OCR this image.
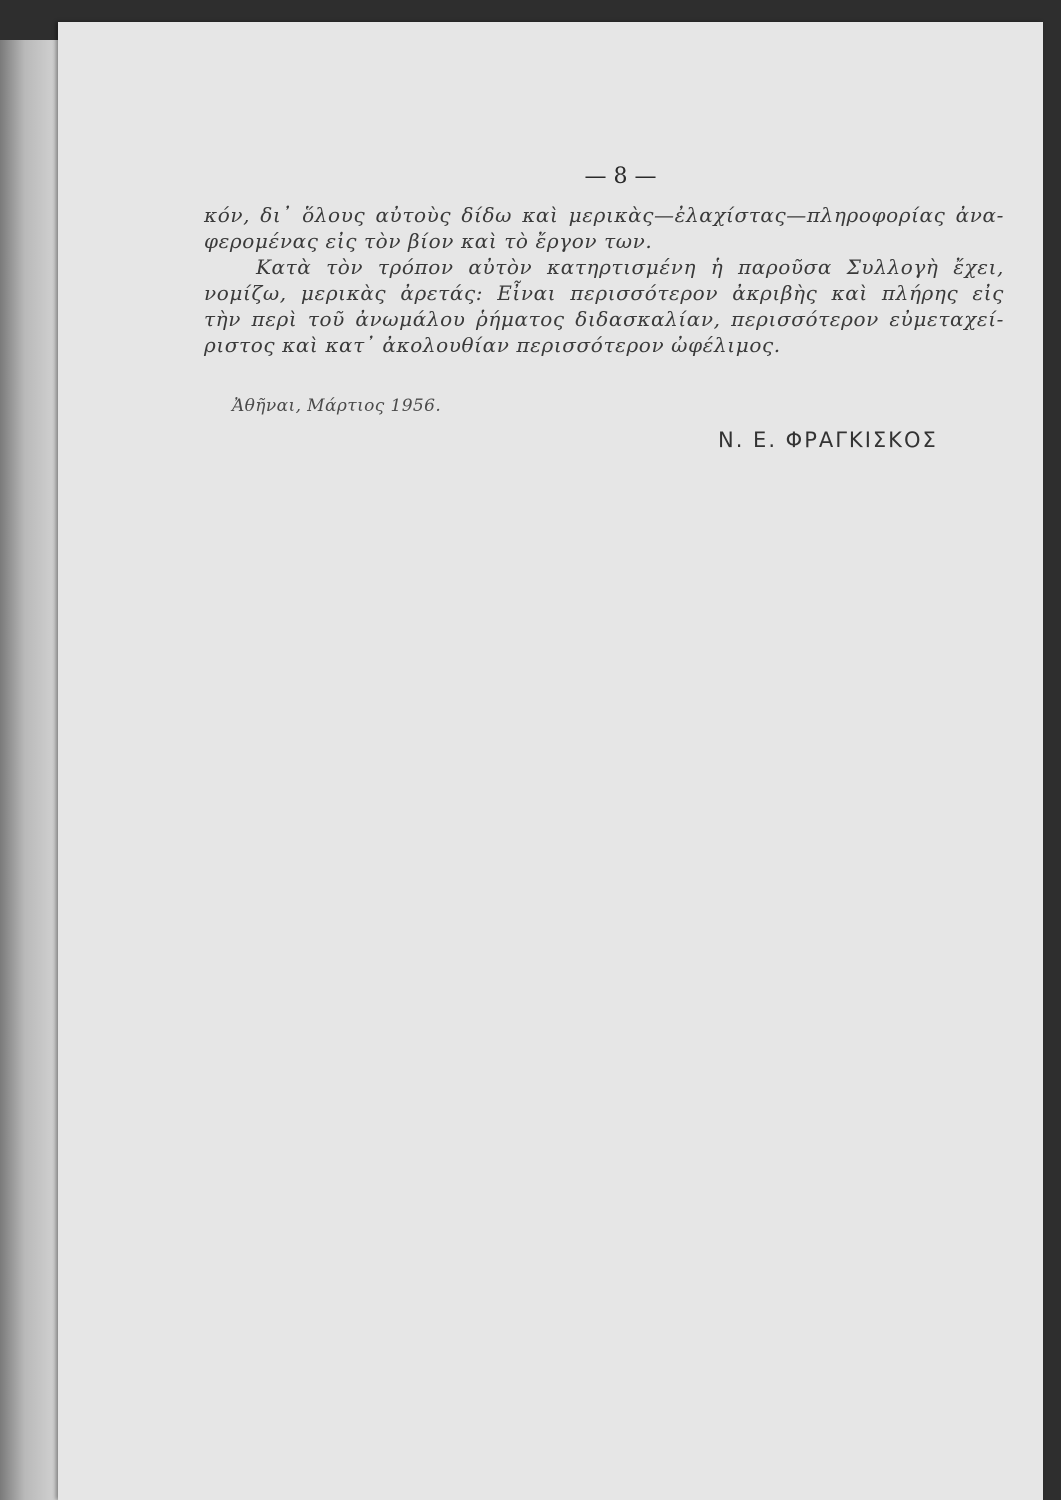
— 8 —
κόν, δι᾿ ὅλους αὐτοὺς δίδω καὶ μερικὰς—ἐλαχίστας—πληροφορίας ἀνα-
φερομένας εἰς τὸν βίον καὶ τὸ ἔργον των.
Κατὰ τὸν τρόπον αὐτὸν κατηρτισμένη ἡ παροῦσα Συλλογὴ ἔχει,
νομίζω, μερικὰς ἀρετάς: Εἶναι περισσότερον ἀκριβὴς καὶ πλήρης εἰς
τὴν περὶ τοῦ ἀνωμάλου ῥήματος διδασκαλίαν, περισσότερον εὐμεταχεί-
ριστος καὶ κατ᾿ ἀκολουθίαν περισσότερον ὠφέλιμος.
Ἀθῆναι, Μάρτιος 1956.
Ν. Ε. ΦΡΑΓΚΙΣΚΟΣ
